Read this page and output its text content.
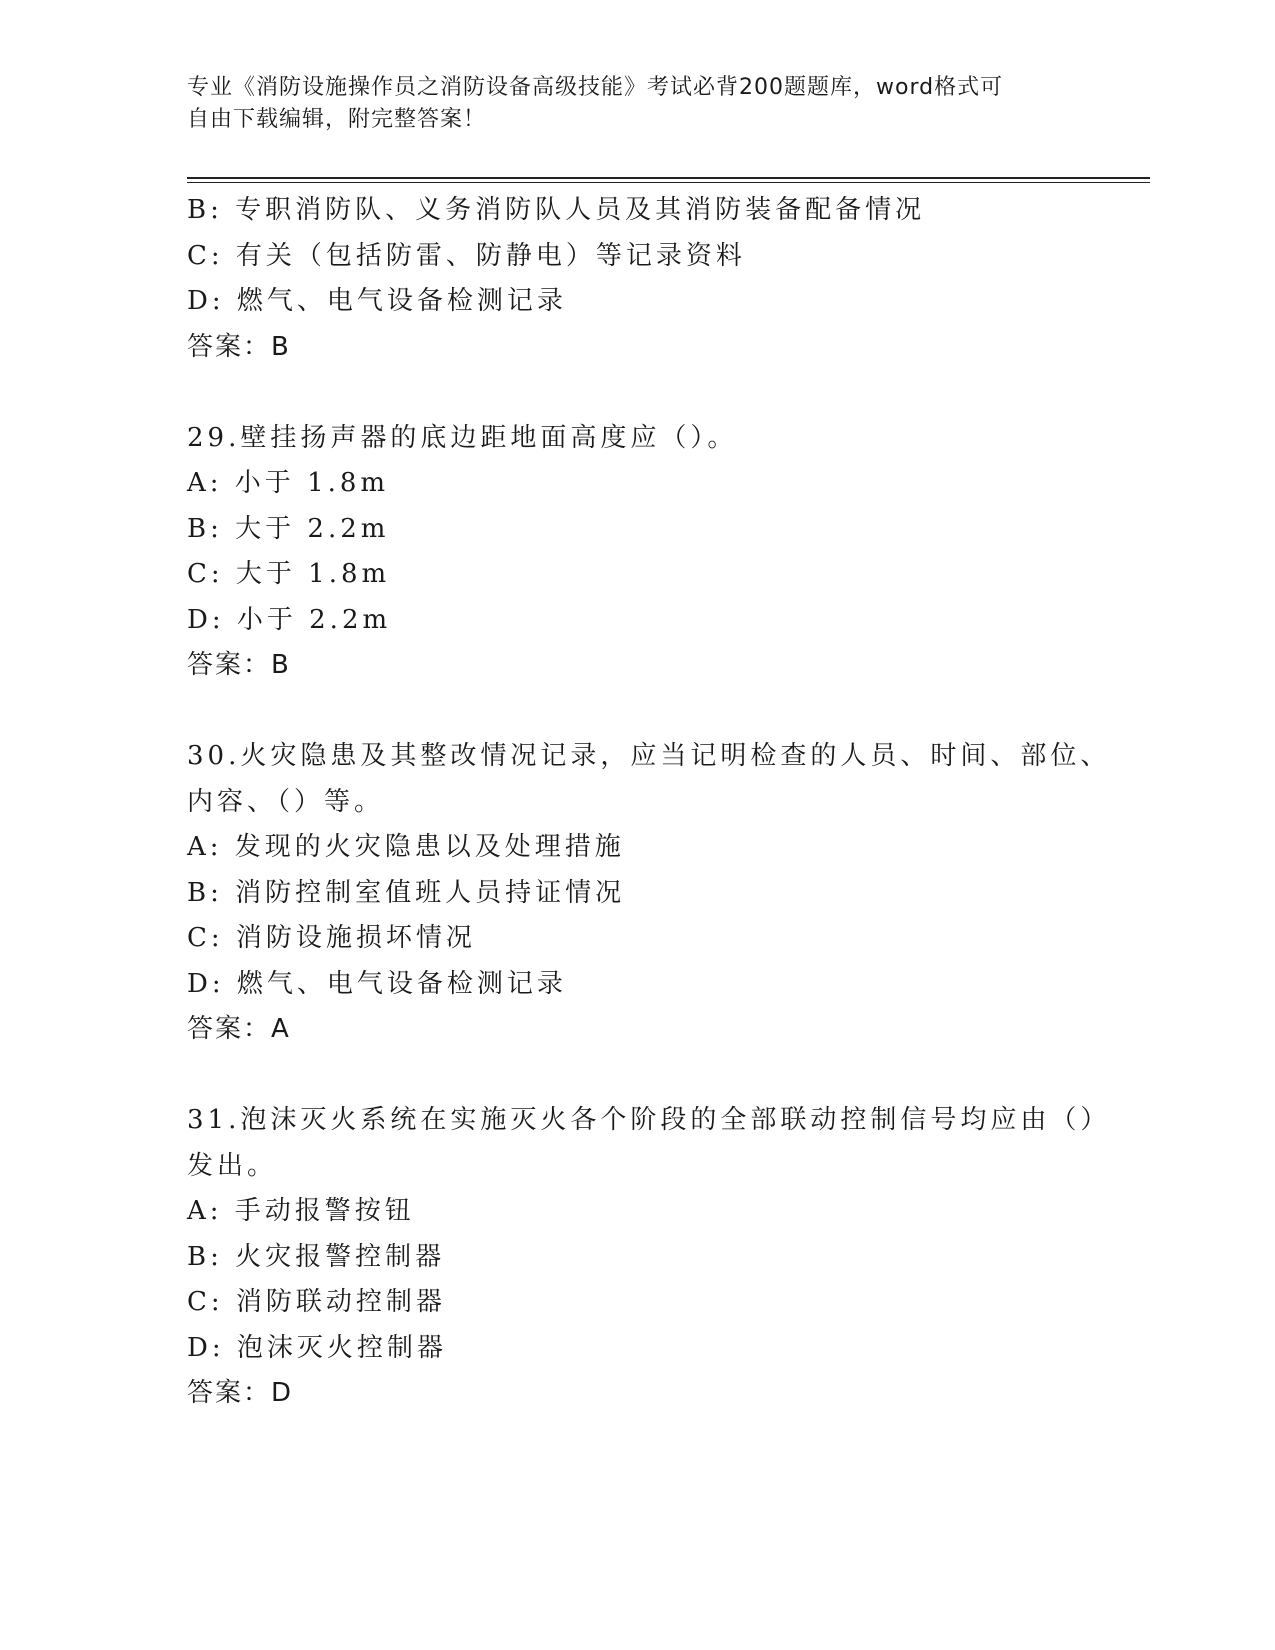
专业《消防设施操作员之消防设备高级技能》考试必背200题题库，word格式可
自由下载编辑，附完整答案！
B: 专职消防队、义务消防队人员及其消防装备配备情况
C: 有关（包括防雷、防静电）等记录资料
D: 燃气、电气设备检测记录
答案：B
29.壁挂扬声器的底边距地面高度应（）。
A: 小于 1.8m
B: 大于 2.2m
C: 大于 1.8m
D: 小于 2.2m
答案：B
30.火灾隐患及其整改情况记录，应当记明检查的人员、时间、部位、
内容、（）等。
A: 发现的火灾隐患以及处理措施
B: 消防控制室值班人员持证情况
C: 消防设施损坏情况
D: 燃气、电气设备检测记录
答案：A
31.泡沫灭火系统在实施灭火各个阶段的全部联动控制信号均应由（）
发出。
A: 手动报警按钮
B: 火灾报警控制器
C: 消防联动控制器
D: 泡沫灭火控制器
答案：D
